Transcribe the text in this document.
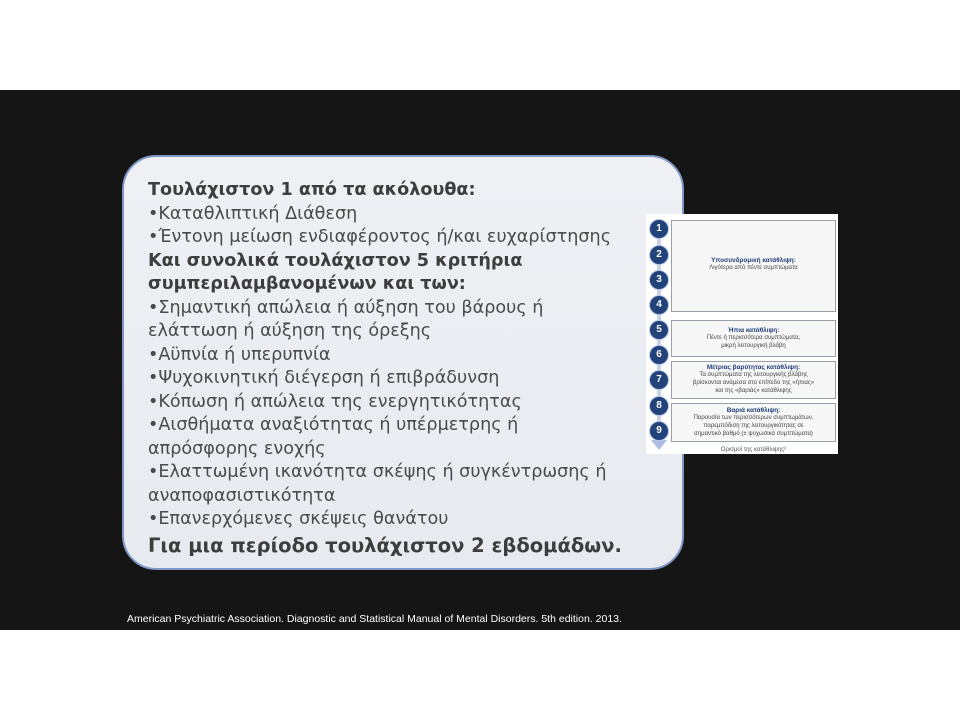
Τουλάχιστον 1 από τα ακόλουθα:
•Καταθλιπτική Διάθεση
•Έντονη μείωση ενδιαφέροντος ή/και ευχαρίστησης
Και συνολικά τουλάχιστον 5 κριτήρια
συμπεριλαμβανομένων και των:
•Σημαντική απώλεια ή αύξηση του βάρους ή
ελάττωση ή αύξηση της όρεξης
•Αϋπνία ή υπερυπνία
•Ψυχοκινητική διέγερση ή επιβράδυνση
•Κόπωση ή απώλεια της ενεργητικότητας
•Αισθήματα αναξιότητας ή υπέρμετρης ή
απρόσφορης ενοχής
•Ελαττωμένη ικανότητα σκέψης ή συγκέντρωσης ή
αναποφασιστικότητα
•Επανερχόμενες σκέψεις θανάτου
Για μια περίοδο τουλάχιστον 2 εβδομάδων.
1
2
3
4
5
6
7
8
9
Υποσυνδρομική κατάθλιψη:
Λιγότερα από πέντε συμπτώματα
Ήπια κατάθλιψη:
Πέντε ή περισσότερα συμπτώματα,
μικρή λειτουργική βλάβη
Μέτριας βαρύτητας κατάθλιψη:
Τα συμπτώματα της λειτουργικής βλάβης
βρίσκονται ανάμεσα στο επίπεδο της «ήπιας»
και της «βαριάς» κατάθλιψης
Βαριά κατάθλιψη:
Παρουσία των περισσότερων συμπτωμάτων,
παρεμπόδιση της λειτουργικότητας σε
σημαντικό βαθμό (± ψυχωσικά συμπτώματα)
Ορισμοί της κατάθλιψης²
American Psychiatric Association. Diagnostic and Statistical Manual of Mental Disorders. 5th edition. 2013.
